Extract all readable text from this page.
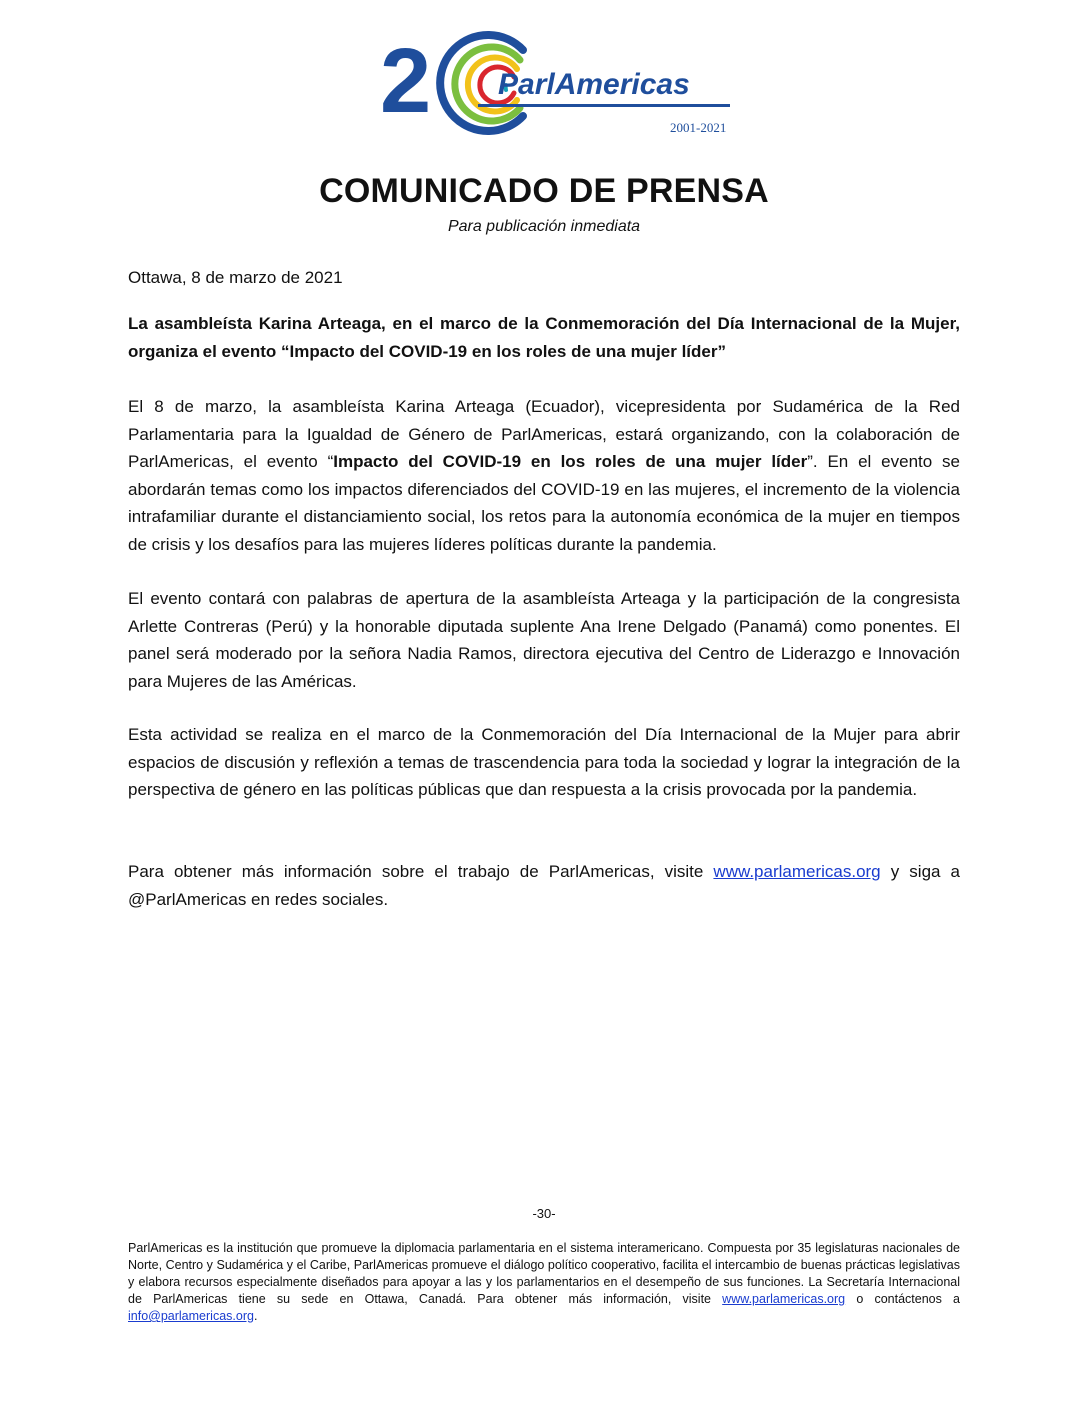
2 ParlAmericas
2001-2021
COMUNICADO DE PRENSA
Para publicación inmediata
Ottawa, 8 de marzo de 2021
La asambleísta Karina Arteaga, en el marco de la Conmemoración del Día Internacional de la Mujer, organiza el evento “Impacto del COVID-19 en los roles de una mujer líder”

El 8 de marzo, la asambleísta Karina Arteaga (Ecuador), vicepresidenta por Sudamérica de la Red Parlamentaria para la Igualdad de Género de ParlAmericas, estará organizando, con la colaboración de ParlAmericas, el evento “Impacto del COVID-19 en los roles de una mujer líder”. En el evento se abordarán temas como los impactos diferenciados del COVID-19 en las mujeres, el incremento de la violencia intrafamiliar durante el distanciamiento social, los retos para la autonomía económica de la mujer en tiempos de crisis y los desafíos para las mujeres líderes políticas durante la pandemia.

El evento contará con palabras de apertura de la asambleísta Arteaga y la participación de la congresista Arlette Contreras (Perú) y la honorable diputada suplente Ana Irene Delgado (Panamá) como ponentes. El panel será moderado por la señora Nadia Ramos, directora ejecutiva del Centro de Liderazgo e Innovación para Mujeres de las Américas.

Esta actividad se realiza en el marco de la Conmemoración del Día Internacional de la Mujer para abrir espacios de discusión y reflexión a temas de trascendencia para toda la sociedad y lograr la integración de la perspectiva de género en las políticas públicas que dan respuesta a la crisis provocada por la pandemia.

Para obtener más información sobre el trabajo de ParlAmericas, visite www.parlamericas.org y siga a @ParlAmericas en redes sociales.

-30-
ParlAmericas es la institución que promueve la diplomacia parlamentaria en el sistema interamericano. Compuesta por 35 legislaturas nacionales de Norte, Centro y Sudamérica y el Caribe, ParlAmericas promueve el diálogo político cooperativo, facilita el intercambio de buenas prácticas legislativas y elabora recursos especialmente diseñados para apoyar a las y los parlamentarios en el desempeño de sus funciones. La Secretaría Internacional de ParlAmericas tiene su sede en Ottawa, Canadá. Para obtener más información, visite www.parlamericas.org o contáctenos a info@parlamericas.org.
